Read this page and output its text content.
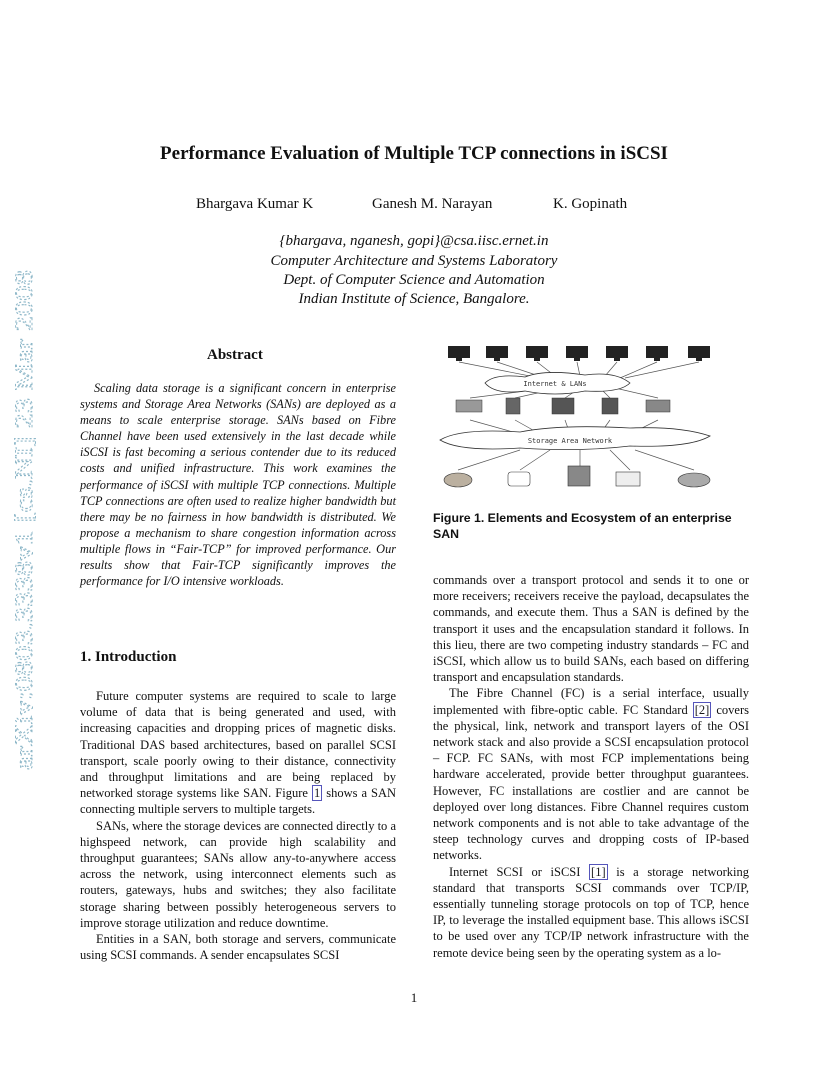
arXiv:0803.3338v1 [cs.NI] 23 Mar 2008
Performance Evaluation of Multiple TCP connections in iSCSI
Bhargava Kumar K	Ganesh M. Narayan	K. Gopinath
{bhargava, nganesh, gopi}@csa.iisc.ernet.in
Computer Architecture and Systems Laboratory
Dept. of Computer Science and Automation
Indian Institute of Science, Bangalore.
Abstract

Scaling data storage is a significant concern in enterprise systems and Storage Area Networks (SANs) are deployed as a means to scale enterprise storage. SANs based on Fibre Channel have been used extensively in the last decade while iSCSI is fast becoming a serious contender due to its reduced costs and unified infrastructure. This work examines the performance of iSCSI with multiple TCP connections. Multiple TCP connections are often used to realize higher bandwidth but there may be no fairness in how bandwidth is distributed. We propose a mechanism to share congestion information across multiple flows in “Fair-TCP” for improved performance. Our results show that Fair-TCP significantly improves the performance for I/O intensive workloads.

1. Introduction

Future computer systems are required to scale to large volume of data that is being generated and used, with increasing capacities and dropping prices of magnetic disks. Traditional DAS based architectures, based on parallel SCSI transport, scale poorly owing to their distance, connectivity and throughput limitations and are being replaced by networked storage systems like SAN. Figure 1 shows a SAN connecting multiple servers to multiple targets.

SANs, where the storage devices are connected directly to a highspeed network, can provide high scalability and throughput guarantees; SANs allow any-to-anywhere access across the network, using interconnect elements such as routers, gateways, hubs and switches; they also facilitate storage sharing between possibly heterogeneous servers to improve storage utilization and reduce downtime.

Entities in a SAN, both storage and servers, communicate using SCSI commands. A sender encapsulates SCSI

Internet & LANs
Storage Area Network
Figure 1. Elements and Ecosystem of an enterprise SAN

commands over a transport protocol and sends it to one or more receivers; receivers receive the payload, decapsulates the commands, and execute them. Thus a SAN is defined by the transport it uses and the encapsulation standard it follows. In this lieu, there are two competing industry standards – FC and iSCSI, which allow us to build SANs, each based on differing transport and encapsulation standards.

The Fibre Channel (FC) is a serial interface, usually implemented with fibre-optic cable. FC Standard [2] covers the physical, link, network and transport layers of the OSI network stack and also provide a SCSI encapsulation protocol – FCP. FC SANs, with most FCP implementations being hardware accelerated, provide better throughput guarantees. However, FC installations are costlier and are cannot be deployed over long distances. Fibre Channel requires custom network components and is not able to take advantage of the steep technology curves and dropping costs of IP-based networks.

Internet SCSI or iSCSI [1] is a storage networking standard that transports SCSI commands over TCP/IP, essentially tunneling storage protocols on top of TCP, hence IP, to leverage the installed equipment base. This allows iSCSI to be used over any TCP/IP network infrastructure with the remote device being seen by the operating system as a lo-

1
